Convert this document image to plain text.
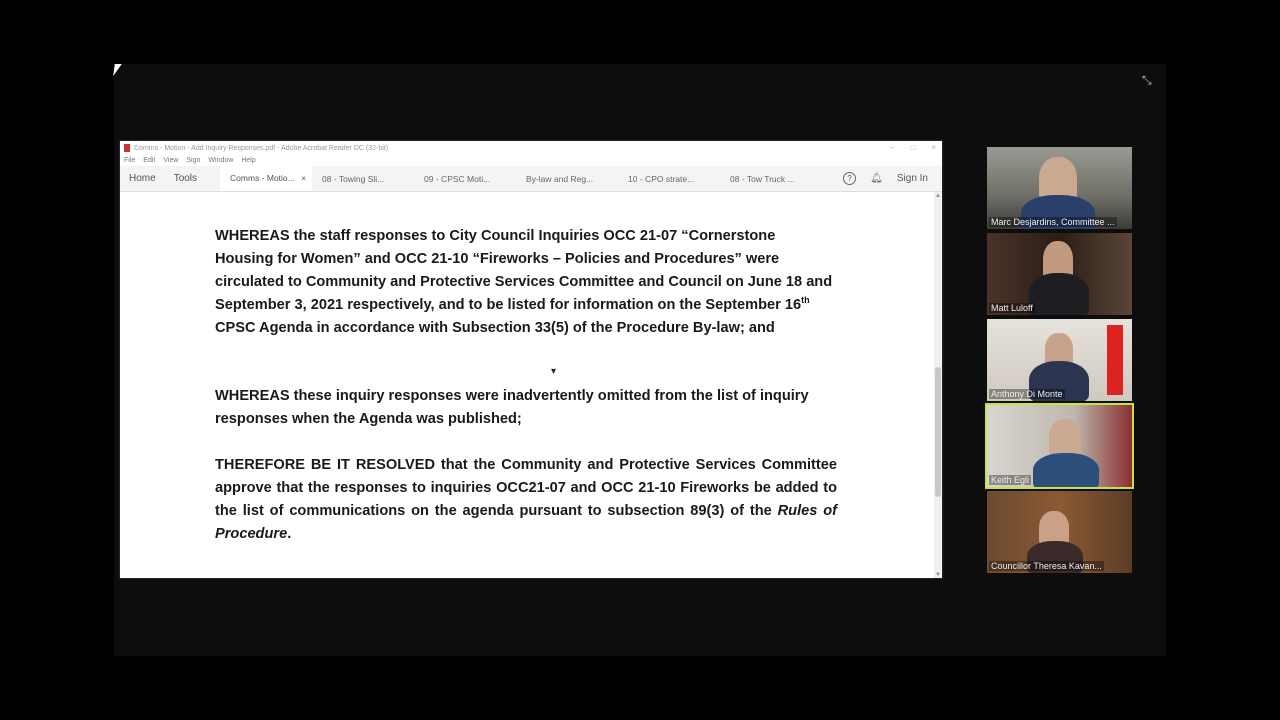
⤡
Comms - Motion - Add Inquiry Responses.pdf - Adobe Acrobat Reader DC (32-bit)	– □ ×
File Edit View Sign Window Help
Home	Tools	Comms - Motio... ×	08 - Towing Sli...	09 - CPSC Moti...	By-law and Reg...	10 - CPO strate...	08 - Tow Truck ...	?	🔔︎ Sign In
WHEREAS the staff responses to City Council Inquiries OCC 21-07 “Cornerstone Housing for Women” and OCC 21-10 “Fireworks – Policies and Procedures” were circulated to Community and Protective Services Committee and Council on June 18 and September 3, 2021 respectively, and to be listed for information on the September 16th CPSC Agenda in accordance with Subsection 33(5) of the Procedure By-law; and
WHEREAS these inquiry responses were inadvertently omitted from the list of inquiry responses when the Agenda was published;
THEREFORE BE IT RESOLVED that the Community and Protective Services Committee approve that the responses to inquiries OCC21-07 and OCC 21-10 Fireworks be added to the list of communications on the agenda pursuant to subsection 89(3) of the Rules of Procedure.
▾
▲
▼
Marc Desjardins, Committee ...
Matt Luloff
Anthony Di Monte
Keith Egli
Councillor Theresa Kavan...
